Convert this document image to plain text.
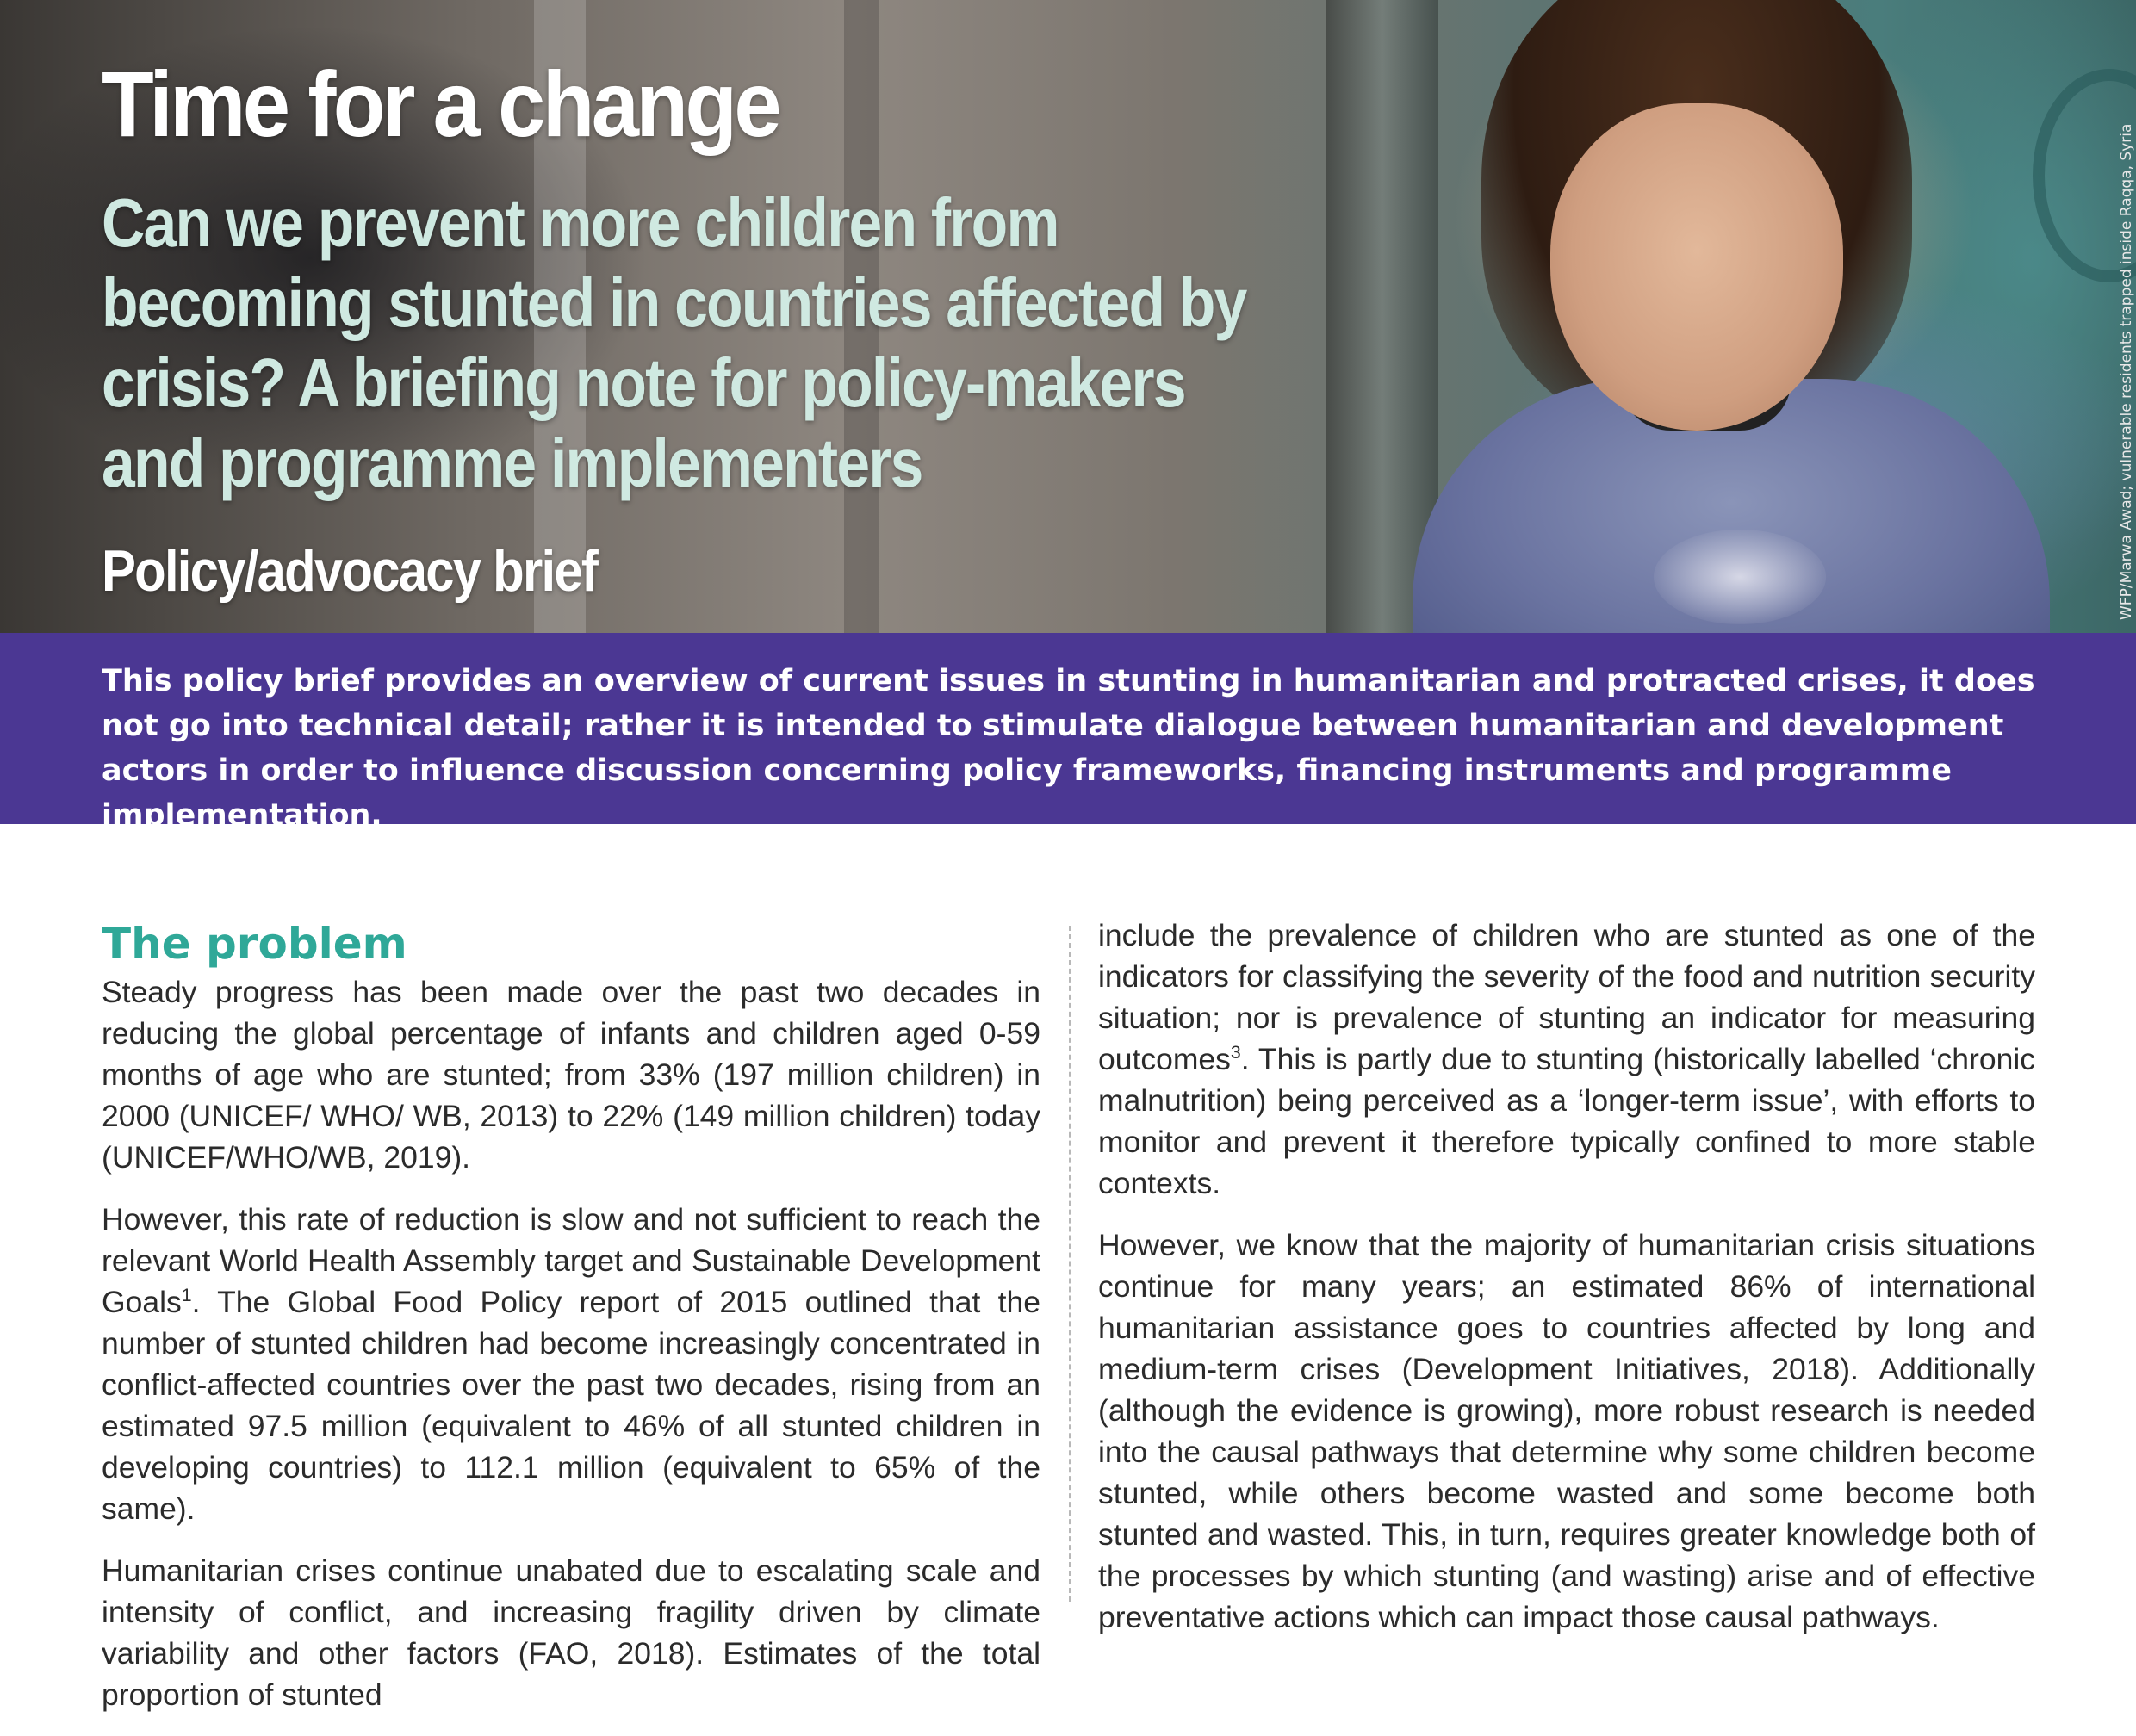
Time for a change
Can we prevent more children from becoming stunted in countries affected by crisis? A briefing note for policy-makers and programme implementers
Policy/advocacy brief	WFP/Marwa Awad; vulnerable residents trapped inside Raqqa, Syria

This policy brief provides an overview of current issues in stunting in humanitarian and protracted crises, it does not go into technical detail; rather it is intended to stimulate dialogue between humanitarian and development actors in order to influence discussion concerning policy frameworks, financing instruments and programme implementation.

The problem

Steady progress has been made over the past two decades in reducing the global percentage of infants and children aged 0-59 months of age who are stunted; from 33% (197 million children) in 2000 (UNICEF/ WHO/ WB, 2013) to 22% (149 million children) today (UNICEF/WHO/WB, 2019).

However, this rate of reduction is slow and not sufficient to reach the relevant World Health Assembly target and Sustainable Development Goals$^1$. The Global Food Policy report of 2015 outlined that the number of stunted children had become increasingly concentrated in conflict-affected countries over the past two decades, rising from an estimated 97.5 million (equivalent to 46% of all stunted children in developing countries) to 112.1 million (equivalent to 65% of the same).

Humanitarian crises continue unabated due to escalating scale and intensity of conflict, and increasing fragility driven by climate variability and other factors (FAO, 2018). Estimates of the total proportion of stunted

include the prevalence of children who are stunted as one of the indicators for classifying the severity of the food and nutrition security situation; nor is prevalence of stunting an indicator for measuring outcomes$^3$. This is partly due to stunting (historically labelled ‘chronic malnutrition) being perceived as a ‘longer-term issue’, with efforts to monitor and prevent it therefore typically confined to more stable contexts.

However, we know that the majority of humanitarian crisis situations continue for many years; an estimated 86% of international humanitarian assistance goes to countries affected by long and medium-term crises (Development Initiatives, 2018). Additionally (although the evidence is growing), more robust research is needed into the causal pathways that determine why some children become stunted, while others become wasted and some become both stunted and wasted. This, in turn, requires greater knowledge both of the processes by which stunting (and wasting) arise and of effective preventative actions which can impact those causal pathways.
